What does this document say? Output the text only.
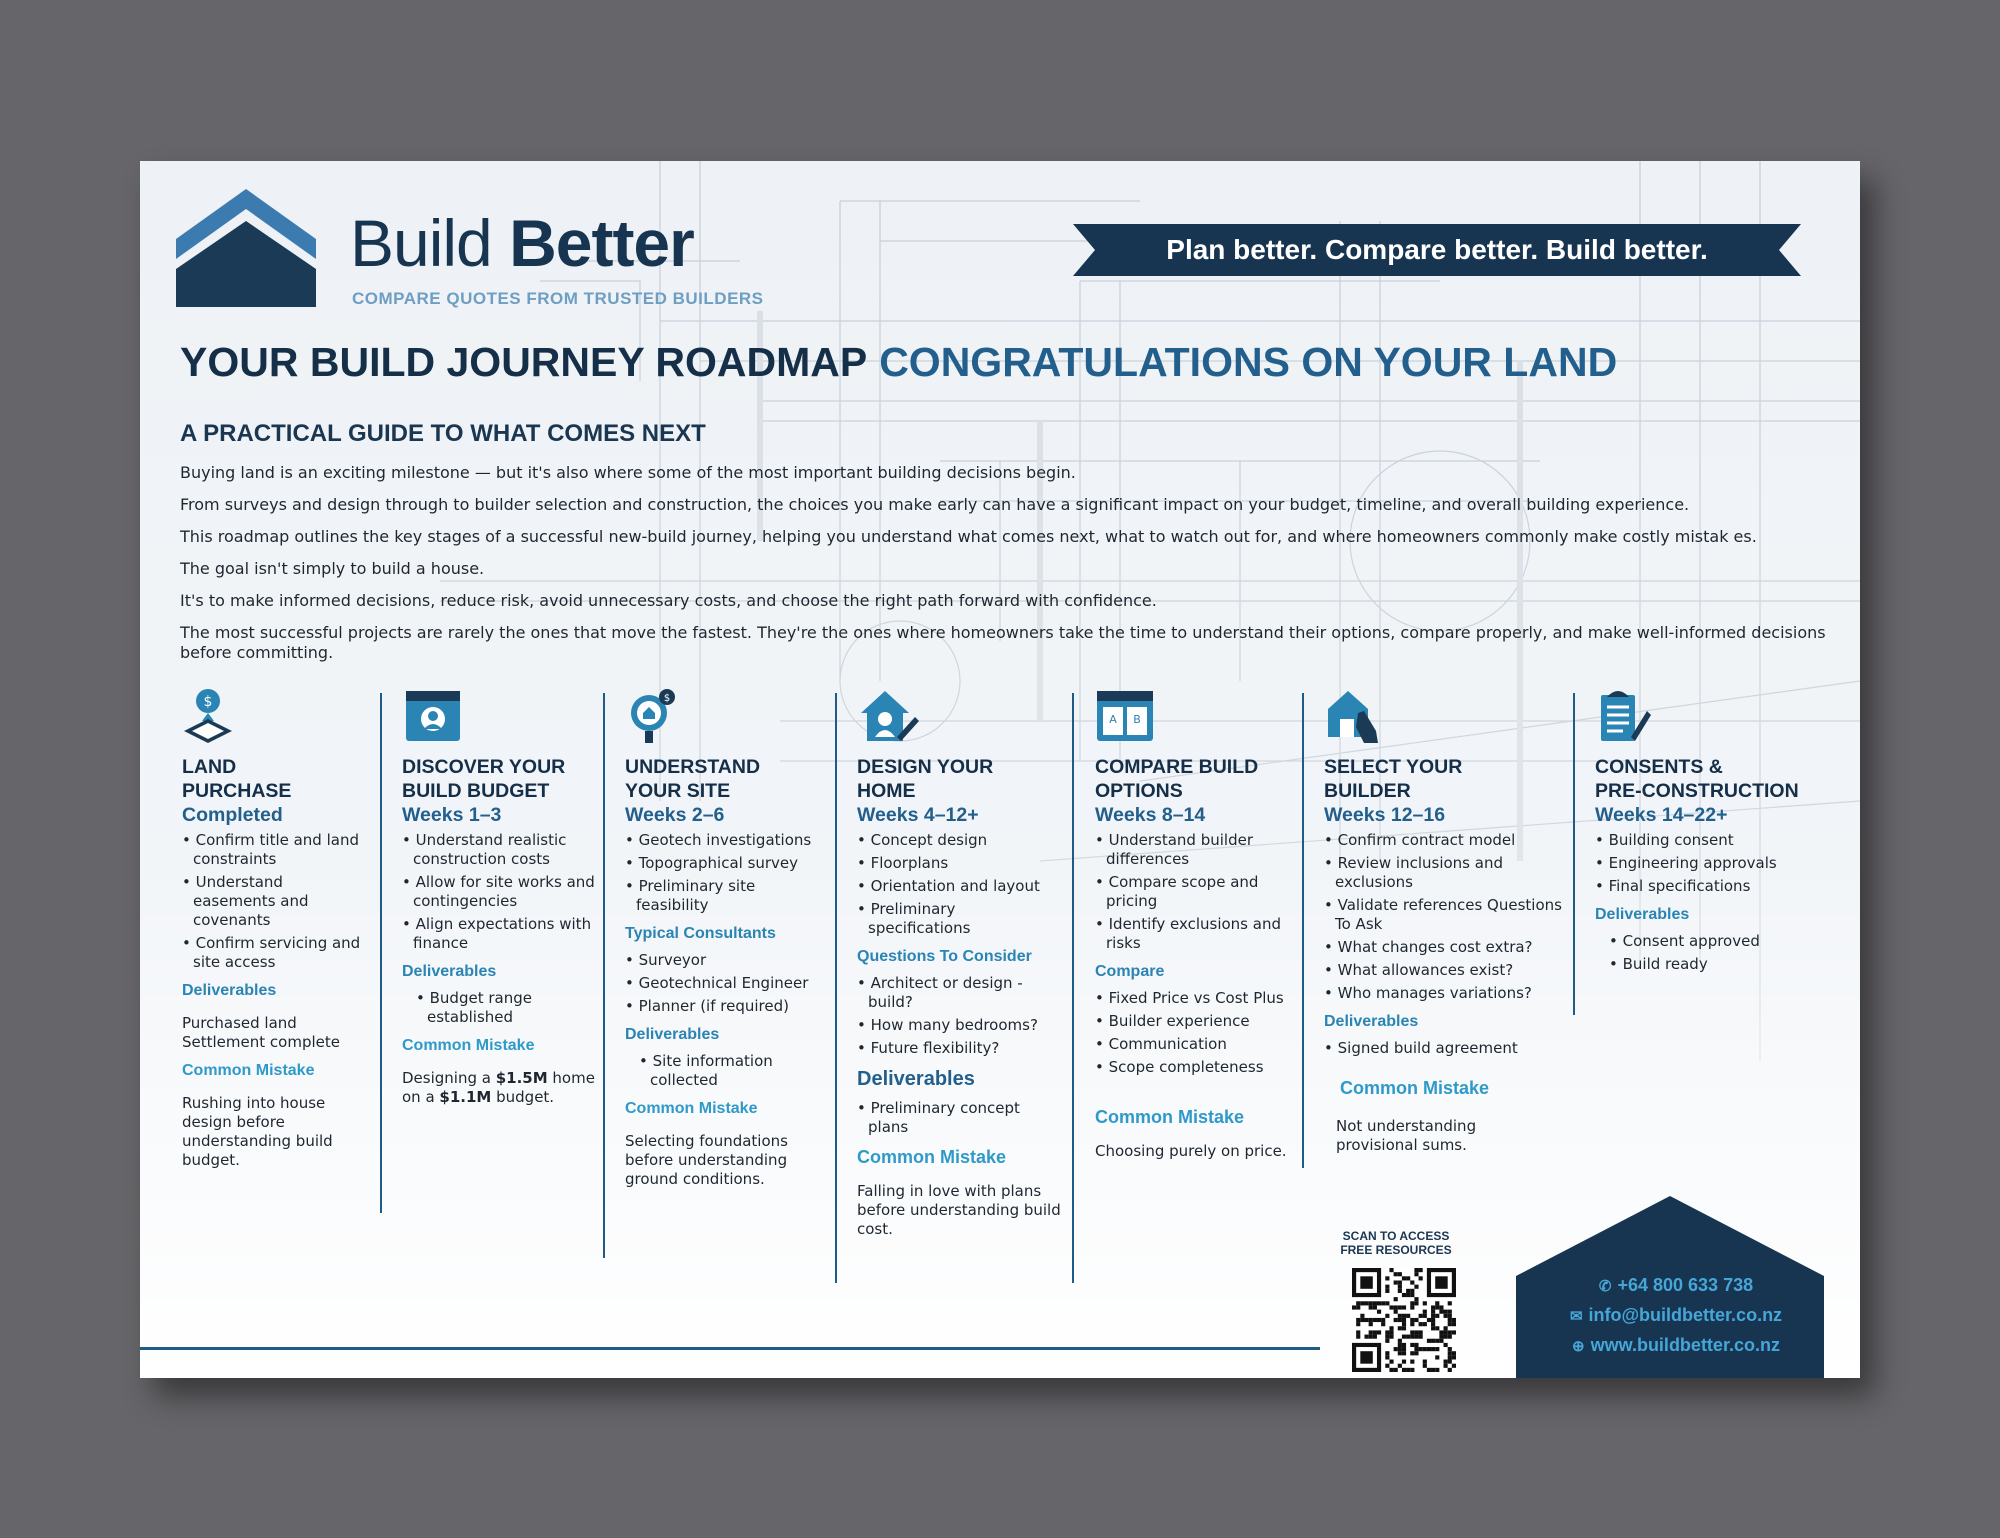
Build Better
COMPARE QUOTES FROM TRUSTED BUILDERS
Plan better. Compare better. Build better.
YOUR BUILD JOURNEY ROADMAP CONGRATULATIONS ON YOUR LAND
A PRACTICAL GUIDE TO WHAT COMES NEXT

Buying land is an exciting milestone — but it's also where some of the most important building decisions begin.

From surveys and design through to builder selection and construction, the choices you make early can have a significant impact on your budget, timeline, and overall building experience.

This roadmap outlines the key stages of a successful new-build journey, helping you understand what comes next, what to watch out for, and where homeowners commonly make costly mistak es.

The goal isn't simply to build a house.

It's to make informed decisions, reduce risk, avoid unnecessary costs, and choose the right path forward with confidence.

The most successful projects are rarely the ones that move the fastest. They're the ones where homeowners take the time to understand their options, compare properly, and make well-informed decisions before committing.

$
LAND
PURCHASE
Completed
• Confirm title and land constraints
• Understand easements and covenants
• Confirm servicing and site access
Deliverables
Purchased land
Settlement complete
Common Mistake
Rushing into house design before understanding build budget.
DISCOVER YOUR
BUILD BUDGET
Weeks 1–3
• Understand realistic construction costs
• Allow for site works and contingencies
• Align expectations with finance
Deliverables
• Budget range established
Common Mistake
Designing a $1.5M home on a $1.1M budget.
$
UNDERSTAND
YOUR SITE
Weeks 2–6
• Geotech investigations
• Topographical survey
• Preliminary site feasibility
Typical Consultants
• Surveyor
• Geotechnical Engineer
• Planner (if required)
Deliverables
• Site information collected
Common Mistake
Selecting foundations before understanding ground conditions.
DESIGN YOUR
HOME
Weeks 4–12+
• Concept design
• Floorplans
• Orientation and layout
• Preliminary specifications
Questions To Consider
• Architect or design -build?
• How many bedrooms?
• Future flexibility?
Deliverables
• Preliminary concept plans
Common Mistake
Falling in love with plans before understanding build cost.
A B
COMPARE BUILD
OPTIONS
Weeks 8–14
• Understand builder differences
• Compare scope and pricing
• Identify exclusions and risks
Compare
• Fixed Price vs Cost Plus
• Builder experience
• Communication
• Scope completeness
Common Mistake
Choosing purely on price.
SELECT YOUR
BUILDER
Weeks 12–16
• Confirm contract model
• Review inclusions and exclusions
• Validate references Questions To Ask
• What changes cost extra?
• What allowances exist?
• Who manages variations?
Deliverables
• Signed build agreement
Common Mistake
Not understanding provisional sums.
CONSENTS &
PRE-CONSTRUCTION
Weeks 14–22+
• Building consent
• Engineering approvals
• Final specifications
Deliverables
• Consent approved
• Build ready
SCAN TO ACCESS
FREE RESOURCES
✆ +64 800 633 738
✉ info@buildbetter.co.nz
⊕ www.buildbetter.co.nz
